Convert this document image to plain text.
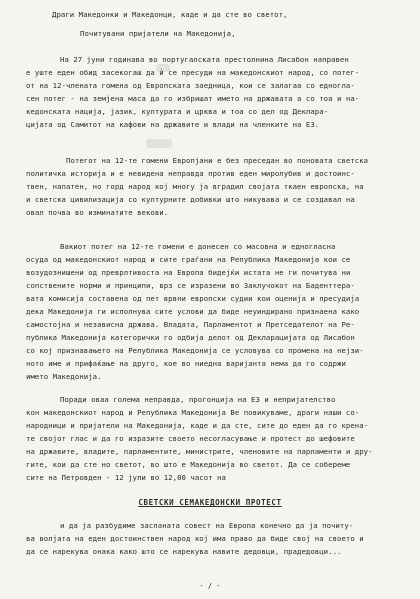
Драги Македонки и Македонци, каде и да сте во светот,
Почитувани пријатели на Македонија,
На 27 јуни годинава во португалската престолнина Лисабон направен
е уште еден обид засекогаш да ѝ се пресуди на македонскиот народ, со потег-
от на 12-члената гомена од Европската заедница, кои се залагаа со едногла-
сен потег - на земјена маса да го избришат името на државата а со тоа и на-
кедонската нација, јазик, културата и црква и тоа со дел од Деклара-
цијата од Самитот на кафови на државите и влади на членките на ЕЗ.
Потегот на 12-те гомени Европјани е без преседан во поновата светска
политичка историја и е невидена неправда против еден миролубив и достоинс-
твен, напатен, но горд народ кој многу ја вградил својата ткаен европска, на
и светска цивилизација со културните добивки што никувава и се создавал на
овал почва во изминатите векови.
Вакиот потег на 12-те гомени е донесен со масовна и едногласна
осуда од македонскиот народ и сите граѓани на Република Македонија кои се
возудознишени од преврлтивоста на Европа бидејќи истата не ги почитува ни
сопствените норми и принципи, врз се изразени во Заклучокот на Баденттера-
вата комисија составена од пет врвни европски судии кои оцениja и пресудија
дека Македонија ги исполнува сите услови да биде неуиндирано признаена како
самостојна и независна држава. Владата, Парламентот и Претседателот на Ре-
публика Македонија категорички го одбија делот од Декларацијата од Лисабон
со кој признавањето на Република Македонија се условува со промена на нејзи-
ното име и прифаќање на друго, кое во ниедна варијанта нема да го содржи
името Македонија.
Поради оваа голема неправда, прогонција на ЕЗ и непријателство
кон македонскиот народ и Република Македонија Ве повикуваме, драги наши со-
народници и пријатели на Македонија, каде и да сте, сите до еден да го крена-
те својот глас и да го изразите своето несогласување и протест до шефовите
на државите, владите, парламентите, министрите, членовите на парламенти и дру-
гите, кои да сте но светот, во што е Македонија во светот. Да се собереме
сите на Петровден - 12 јули во 12,00 часот на
СВЕТСКИ СЕМАКЕДОНСКИ ПРОТЕСТ
и да ја разбудиме заспаната совест на Европа конечно да ја почиту-
ва волјата на еден достоинствен народ кој има право да биде свој на своето и
да се нарекува онака како што се нарекува навите дедовци, прадедовци...
- / -
